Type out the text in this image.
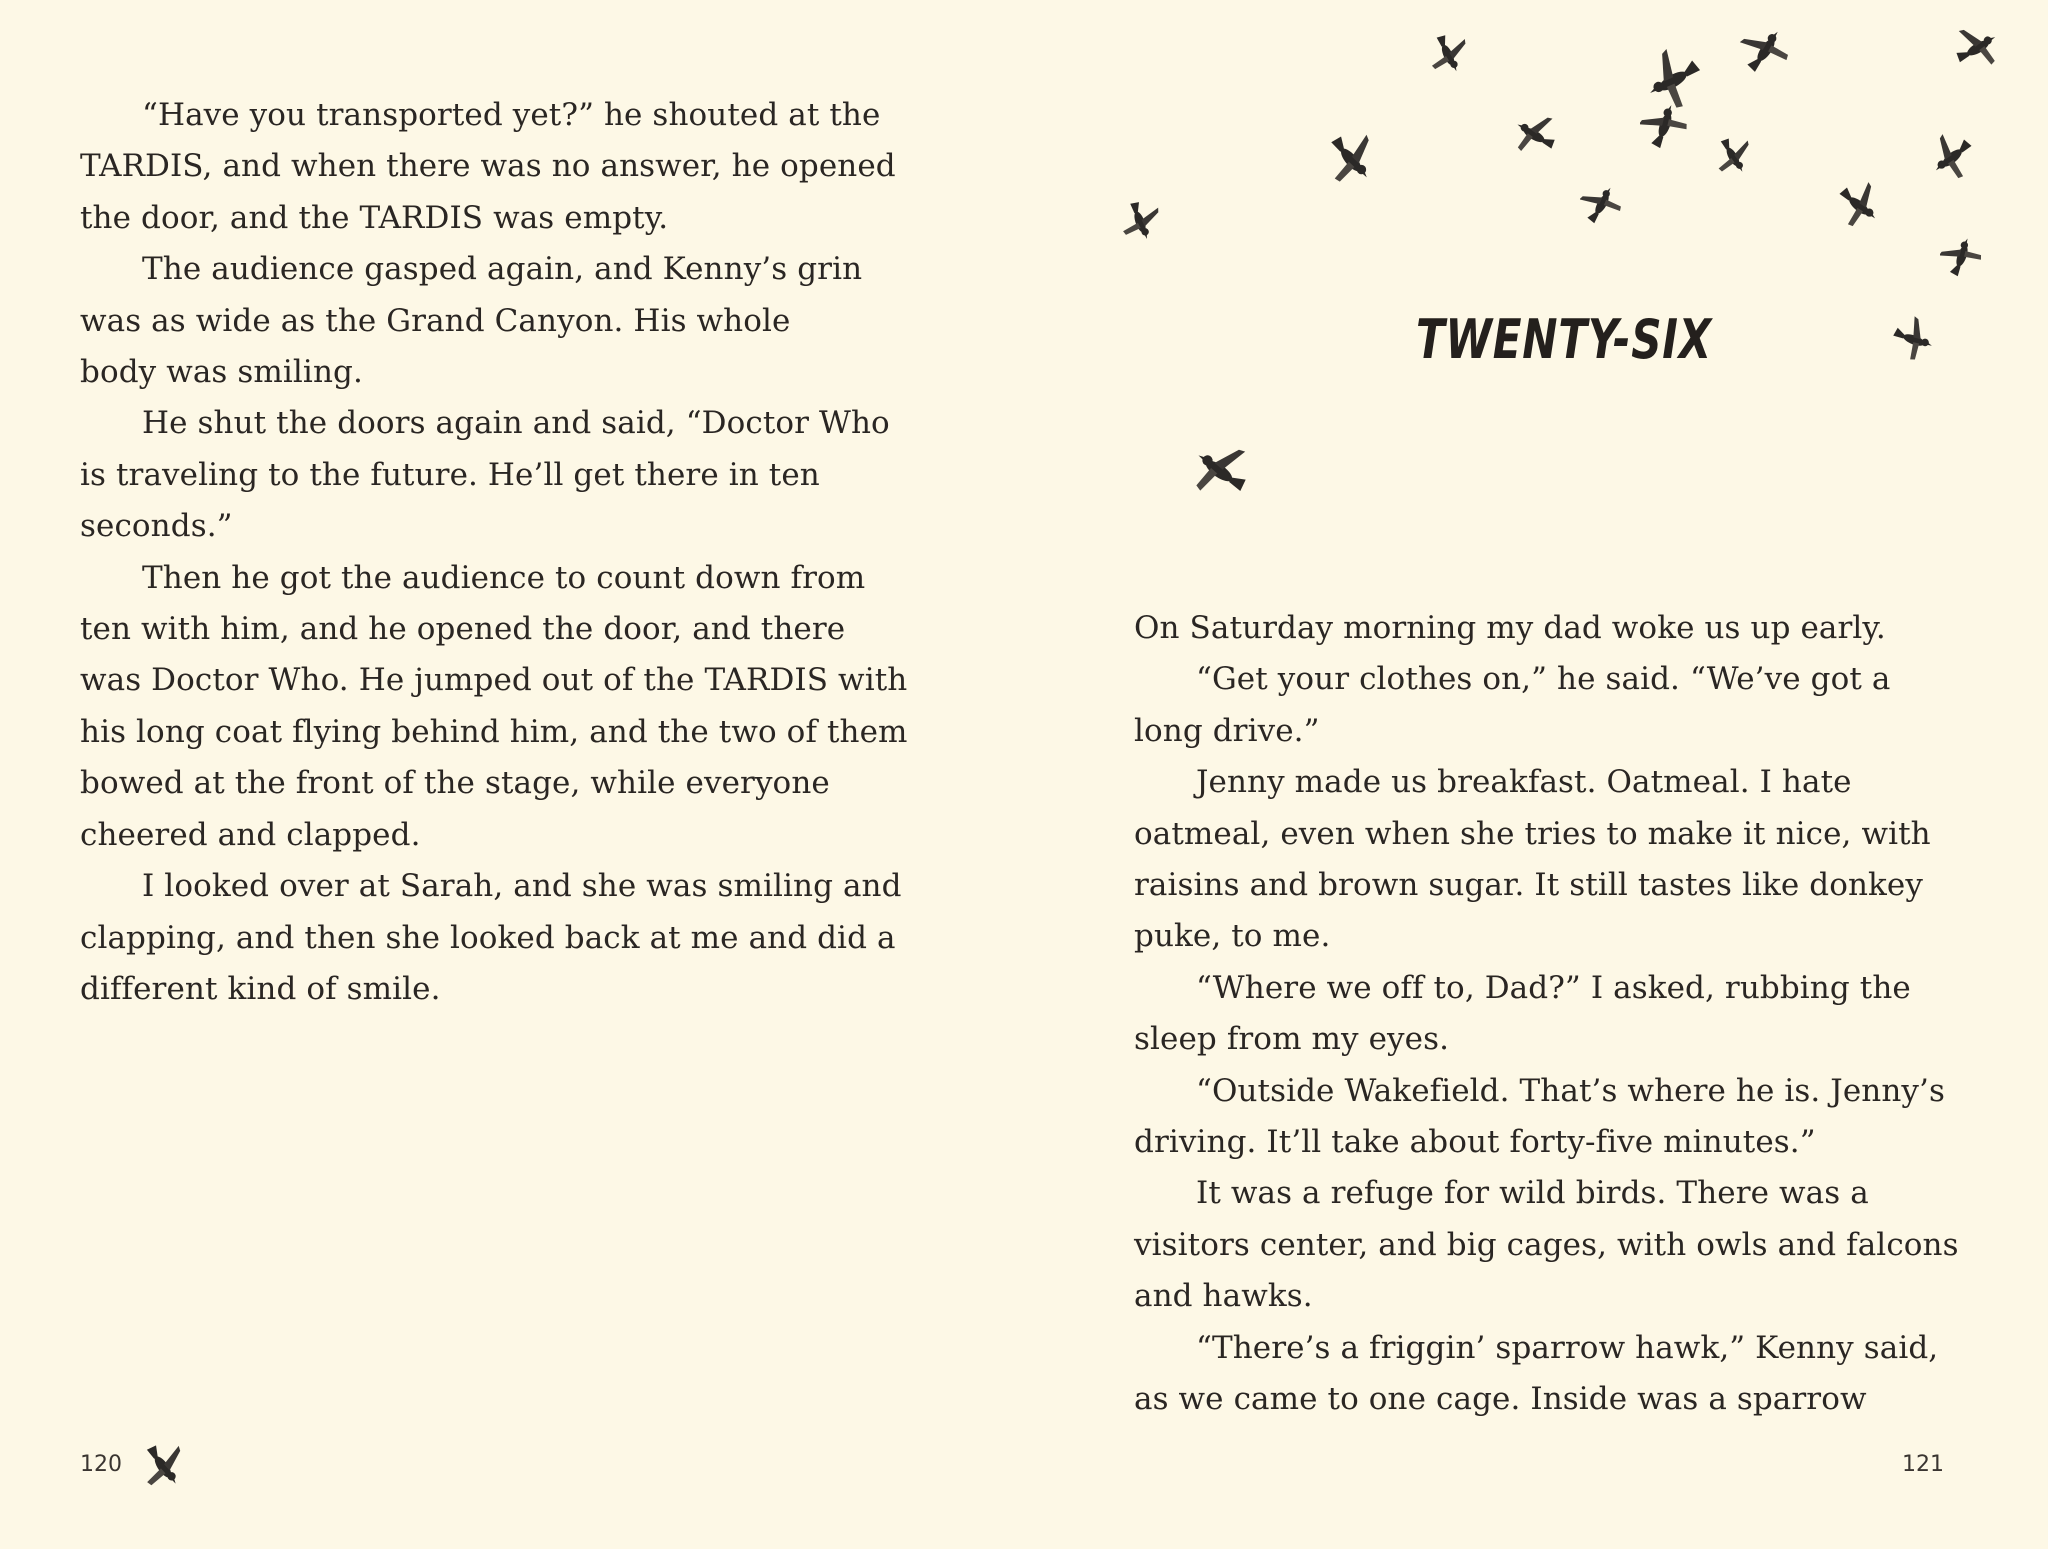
“Have you transported yet?” he shouted at the
TARDIS, and when there was no answer, he opened
the door, and the TARDIS was empty.
The audience gasped again, and Kenny’s grin
was as wide as the Grand Canyon. His whole
body was smiling.
He shut the doors again and said, “Doctor Who
is traveling to the future. He’ll get there in ten
seconds.”
Then he got the audience to count down from
ten with him, and he opened the door, and there
was Doctor Who. He jumped out of the TARDIS with
his long coat flying behind him, and the two of them
bowed at the front of the stage, while everyone
cheered and clapped.
I looked over at Sarah, and she was smiling and
clapping, and then she looked back at me and did a
different kind of smile.
120
On Saturday morning my dad woke us up early.
“Get your clothes on,” he said. “We’ve got a
long drive.”
Jenny made us breakfast. Oatmeal. I hate
oatmeal, even when she tries to make it nice, with
raisins and brown sugar. It still tastes like donkey
puke, to me.
“Where we off to, Dad?” I asked, rubbing the
sleep from my eyes.
“Outside Wakefield. That’s where he is. Jenny’s
driving. It’ll take about forty-five minutes.”
It was a refuge for wild birds. There was a
visitors center, and big cages, with owls and falcons
and hawks.
“There’s a friggin’ sparrow hawk,” Kenny said,
as we came to one cage. Inside was a sparrow
121
TWENTY-SIX
